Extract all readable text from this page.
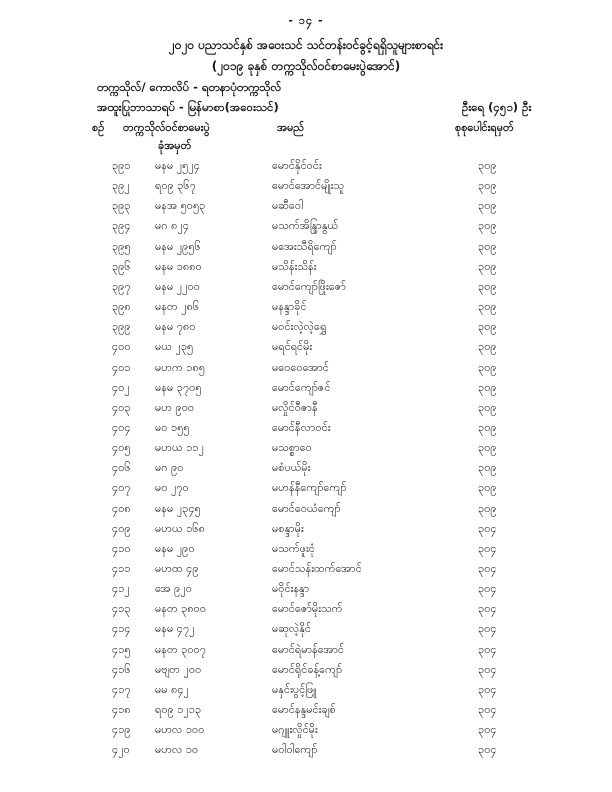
- ၁၄ -
၂၀၂၀ ပညာသင်နှစ် အဝေးသင် သင်တန်းဝင်ခွင့်ရရှိသူများစာရင်း
(၂၀၁၉ ခုနှစ် တက္ကသိုလ်ဝင်စာမေးပွဲအောင်)
တက္ကသိုလ်/ ကောလိပ် - ရတနာပုံတက္ကသိုလ်
အထူးပြုဘာသာရပ် - မြန်မာစာ(အဝေးသင်)	ဦးရေ (၄၅၁) ဦး
စဉ် တက္ကသိုလ်ဝင်စာမေးပွဲ
ခုံအမှတ်
အမည်	စုစုပေါင်းရမှတ်
၃၉၁	မနမ ၂၅၂၄	မောင်နိုင်ဝင်း	၃၀၉
၃၉၂	ရ၀၉ ၃၆၇	မောင်အောင်မျိုးသူ	၃၀၉
၃၉၃	မနအ ၅၀၅၃	မဆီဝေါ	၃၀၉
၃၉၄	မဂ ၈၂၄	မသက်အိန္ဒြာနွယ်	၃၀၉
၃၉၅	မနမ ၂၉၅၆	မအေးသီရိကျော်	၃၀၉
၃၉၆	မနမ ၁၈၈၀	မသိန်းသိန်း	၃၀၉
၃၉၇	မနမ ၂၂၀၀	မောင်ကျော်ဖြိုးဇော်	၃၀၉
၃၉၈	မနတ ၂၈၆	မနန္ဒာခိုင်	၃၀၉
၃၉၉	မနမ ၇၈၀	မဝင်းလဲ့လဲ့ရွှေ	၃၀၉
၄၀၀	မယ ၂၃၅	မရင်ရင်မိုး	၃၀၉
၄၀၁	မဟက ၁၈၅	မဝေဝေအောင်	၃၀၉
၄၀၂	မနမ ၃၇၀၅	မောင်ကျော်ဇင်	၃၀၉
၄၀၃	မဟ ၉၀၀	မလှိုင်ဝီဇာနီ	၃၀၉
၄၀၄	မဝ ၁၅၅	မောင်နီလာဝင်း	၃၀၉
၄၀၅	မဟယ ၁၁၂	မသစ္စာဝေ	၃၀၉
၄၀၆	မဂ ၉၀	မစံပယ်မိုး	၃၀၉
၄၀၇	မဝ ၂၇၀	မဟန်နီကျော်ကျော်	၃၀၉
၄၀၈	မနမ ၂၃၄၅	မောင်ဝေယံကျော်	၃၀၉
၄၀၉	မဟယ ၁၆၈	မစန္ဒာမိုး	၃၀၄
၄၁၀	မနမ ၂၉၀	မသက်ဖူးငုံ	၃၀၄
၄၁၁	မဟထ ၄၉	မောင်သန်းထက်အောင်	၃၀၄
၄၁၂	အေ ၉၂၀	မဝိုင်းနန္ဒာ	၃၀၄
၄၁၃	မနတ ၃၈၀၀	မောင်ဇော်မိုးသက်	၃၀၄
၄၁၄	မနမ ၄၇၂	မဆုလဲ့နိုင်	၃၀၄
၄၁၅	မနတ ၃၀၀၇	မောင်ရဲမာန်အောင်	၃၀၄
၄၁၆	မဗျတ ၂၀၀	မောင်ရိုင်ခန့်ကျော်	၃၀၄
၄၁၇	မမ ၈၄၂	မနှင်းပွင့်ဖြူ	၃၀၄
၄၁၈	ရ၀၉ ၁၂၁၃	မောင်နန္ဒမင်းချစ်	၃၀၄
၄၁၉	မဟလ ၁၀၀	မဂျူးလှိုင်မိုး	၃၀၄
၄၂၀	မဟလ ၁၀	မဝါဝါကျော်	၃၀၄
